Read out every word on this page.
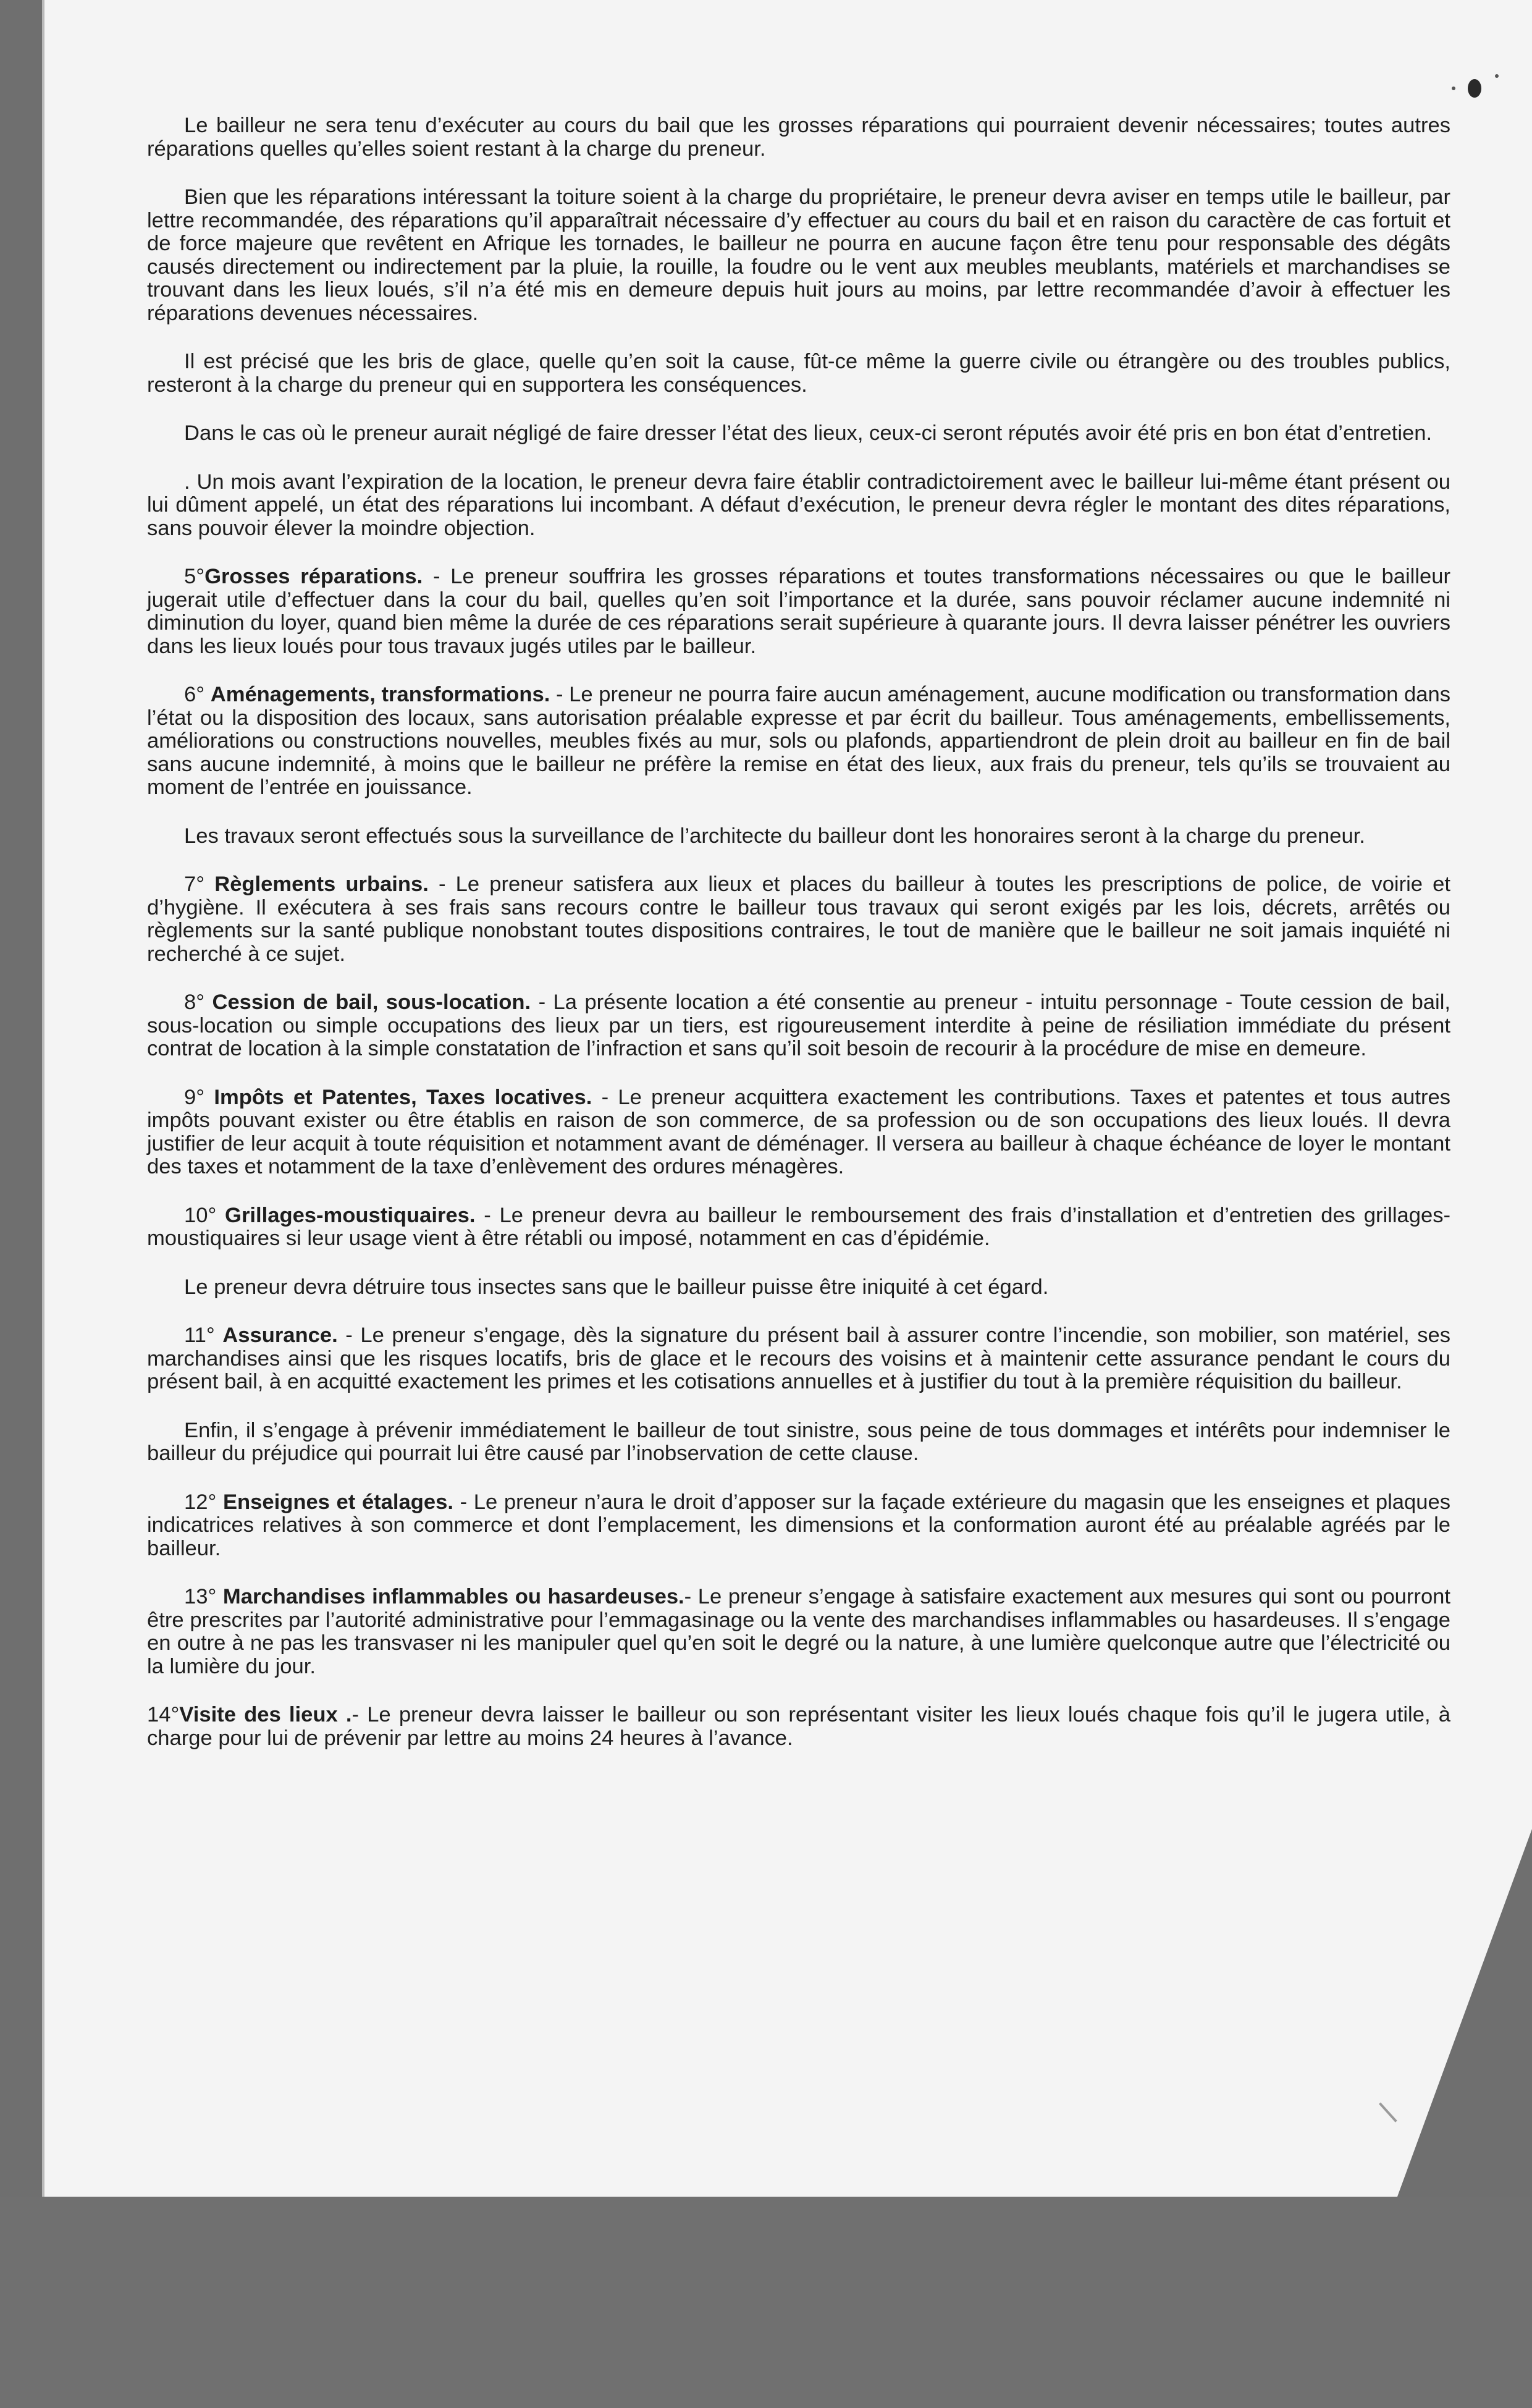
Le bailleur ne sera tenu d’exécuter au cours du bail que les grosses réparations qui pourraient devenir nécessaires; toutes autres réparations quelles qu’elles soient restant à la charge du preneur.

Bien que les réparations intéressant la toiture soient à la charge du propriétaire, le preneur devra aviser en temps utile le bailleur, par lettre recommandée, des réparations qu’il apparaîtrait nécessaire d’y effectuer au cours du bail et en raison du caractère de cas fortuit et de force majeure que revêtent en Afrique les tornades, le bailleur ne pourra en aucune façon être tenu pour responsable des dégâts causés directement ou indirectement par la pluie, la rouille, la foudre ou le vent aux meubles meublants, matériels et marchandises se trouvant dans les lieux loués, s’il n’a été mis en demeure depuis huit jours au moins, par lettre recommandée d’avoir à effectuer les réparations devenues nécessaires.

Il est précisé que les bris de glace, quelle qu’en soit la cause, fût-ce même la guerre civile ou étrangère ou des troubles publics, resteront à la charge du preneur qui en supportera les conséquences.

Dans le cas où le preneur aurait négligé de faire dresser l’état des lieux, ceux-ci seront réputés avoir été pris en bon état d’entretien.

. Un mois avant l’expiration de la location, le preneur devra faire établir contradictoirement avec le bailleur lui-même étant présent ou lui dûment appelé, un état des réparations lui incombant. A défaut d’exécution, le preneur devra régler le montant des dites réparations, sans pouvoir élever la moindre objection.

5°Grosses réparations. - Le preneur souffrira les grosses réparations et toutes transformations nécessaires ou que le bailleur jugerait utile d’effectuer dans la cour du bail, quelles qu’en soit l’importance et la durée, sans pouvoir réclamer aucune indemnité ni diminution du loyer, quand bien même la durée de ces réparations serait supérieure à quarante jours. Il devra laisser pénétrer les ouvriers dans les lieux loués pour tous travaux jugés utiles par le bailleur.

6° Aménagements, transformations. - Le preneur ne pourra faire aucun aménagement, aucune modification ou transformation dans l’état ou la disposition des locaux, sans autorisation préalable expresse et par écrit du bailleur. Tous aménagements, embellissements, améliorations ou constructions nouvelles, meubles fixés au mur, sols ou plafonds, appartiendront de plein droit au bailleur en fin de bail sans aucune indemnité, à moins que le bailleur ne préfère la remise en état des lieux, aux frais du preneur, tels qu’ils se trouvaient au moment de l’entrée en jouissance.

Les travaux seront effectués sous la surveillance de l’architecte du bailleur dont les honoraires seront à la charge du preneur.

7° Règlements urbains. - Le preneur satisfera aux lieux et places du bailleur à toutes les prescriptions de police, de voirie et d’hygiène. Il exécutera à ses frais sans recours contre le bailleur tous travaux qui seront exigés par les lois, décrets, arrêtés ou règlements sur la santé publique nonobstant toutes dispositions contraires, le tout de manière que le bailleur ne soit jamais inquiété ni recherché à ce sujet.

8° Cession de bail, sous-location. - La présente location a été consentie au preneur - intuitu personnage - Toute cession de bail, sous-location ou simple occupations des lieux par un tiers, est rigoureusement interdite à peine de résiliation immédiate du présent contrat de location à la simple constatation de l’infraction et sans qu’il soit besoin de recourir à la procédure de mise en demeure.

9° Impôts et Patentes, Taxes locatives. - Le preneur acquittera exactement les contributions. Taxes et patentes et tous autres impôts pouvant exister ou être établis en raison de son commerce, de sa profession ou de son occupations des lieux loués. Il devra justifier de leur acquit à toute réquisition et notamment avant de déménager. Il versera au bailleur à chaque échéance de loyer le montant des taxes et notamment de la taxe d’enlèvement des ordures ménagères.

10° Grillages-moustiquaires. - Le preneur devra au bailleur le remboursement des frais d’installation et d’entretien des grillages-moustiquaires si leur usage vient à être rétabli ou imposé, notamment en cas d’épidémie.

Le preneur devra détruire tous insectes sans que le bailleur puisse être iniquité à cet égard.

11° Assurance. - Le preneur s’engage, dès la signature du présent bail à assurer contre l’incendie, son mobilier, son matériel, ses marchandises ainsi que les risques locatifs, bris de glace et le recours des voisins et à maintenir cette assurance pendant le cours du présent bail, à en acquitté exactement les primes et les cotisations annuelles et à justifier du tout à la première réquisition du bailleur.

Enfin, il s’engage à prévenir immédiatement le bailleur de tout sinistre, sous peine de tous dommages et intérêts pour indemniser le bailleur du préjudice qui pourrait lui être causé par l’inobservation de cette clause.

12° Enseignes et étalages. - Le preneur n’aura le droit d’apposer sur la façade extérieure du magasin que les enseignes et plaques indicatrices relatives à son commerce et dont l’emplacement, les dimensions et la conformation auront été au préalable agréés par le bailleur.

13° Marchandises inflammables ou hasardeuses.- Le preneur s’engage à satisfaire exactement aux mesures qui sont ou pourront être prescrites par l’autorité administrative pour l’emmagasinage ou la vente des marchandises inflammables ou hasardeuses. Il s’engage en outre à ne pas les transvaser ni les manipuler quel qu’en soit le degré ou la nature, à une lumière quelconque autre que l’électricité ou la lumière du jour.

14°Visite des lieux .- Le preneur devra laisser le bailleur ou son représentant visiter les lieux loués chaque fois qu’il le jugera utile, à charge pour lui de prévenir par lettre au moins 24 heures à l’avance.
